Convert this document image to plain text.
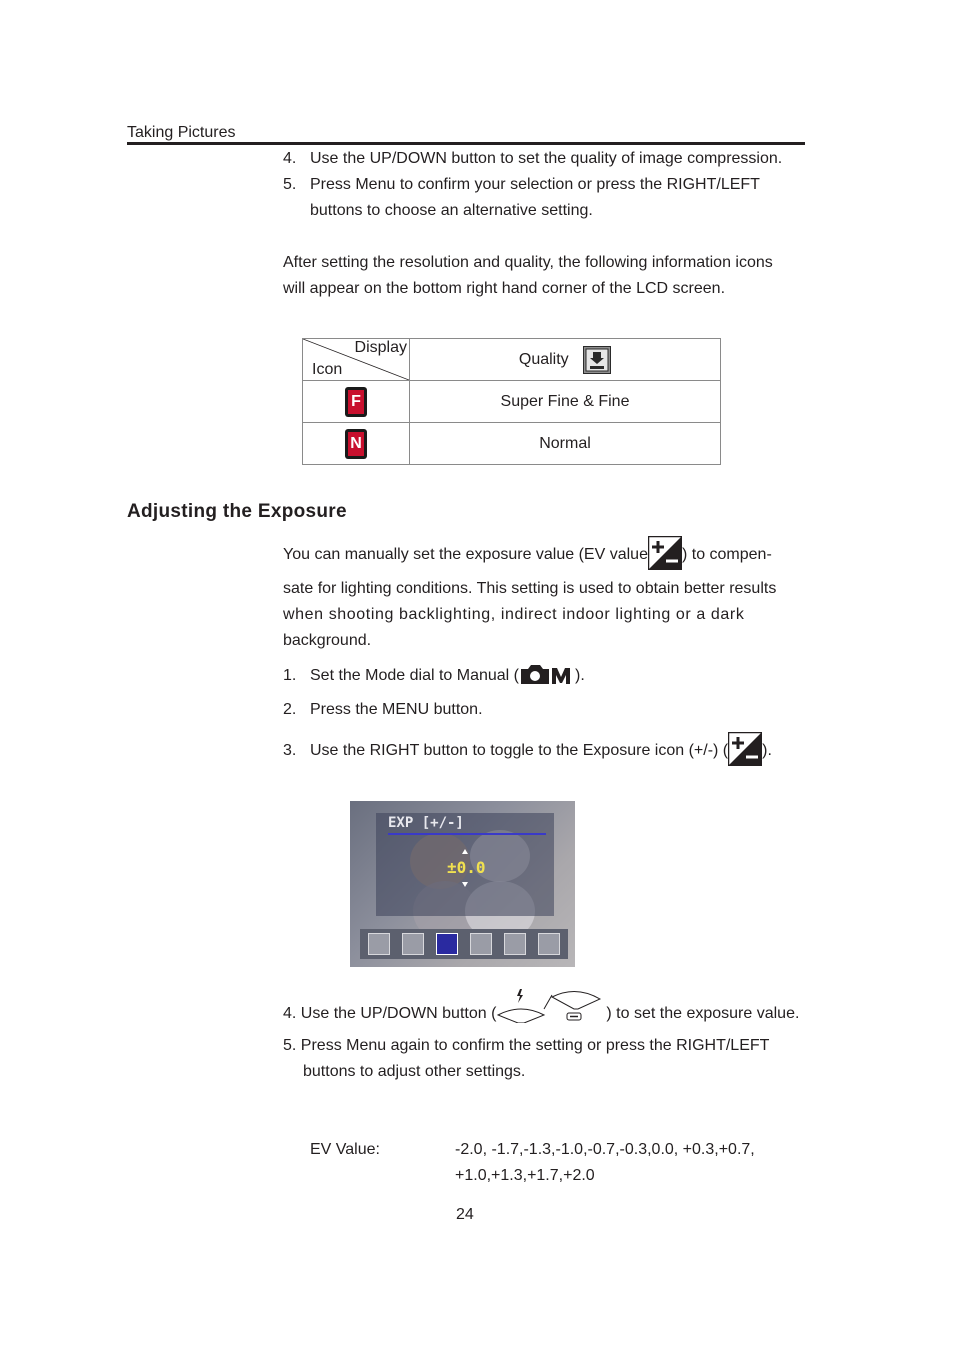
Taking Pictures
4. Use the UP/DOWN button to set the quality of image compression.
5. Press Menu to confirm your selection or press the RIGHT/LEFT
buttons to choose an alternative setting.
After setting the resolution and quality, the following information icons
will appear on the bottom right hand corner of the LCD screen.
Display
Icon	Quality

F	Super Fine & Fine

N	Normal
Adjusting the Exposure
You can manually set the exposure value (EV value ) to compen-
sate for lighting conditions. This setting is used to obtain better results
when shooting backlighting, indirect indoor lighting or a dark
background.
1. Set the Mode dial to Manual (	).
2. Press the MENU button.
3. Use the RIGHT button to toggle to the Exposure icon (+/-) ( ).
EXP [+/-]
±0.0
4. Use the UP/DOWN button (	) to set the exposure value.
5. Press Menu again to confirm the setting or press the RIGHT/LEFT
buttons to adjust other settings.
EV Value:	-2.0, -1.7,-1.3,-1.0,-0.7,-0.3,0.0, +0.3,+0.7,
+1.0,+1.3,+1.7,+2.0
24
